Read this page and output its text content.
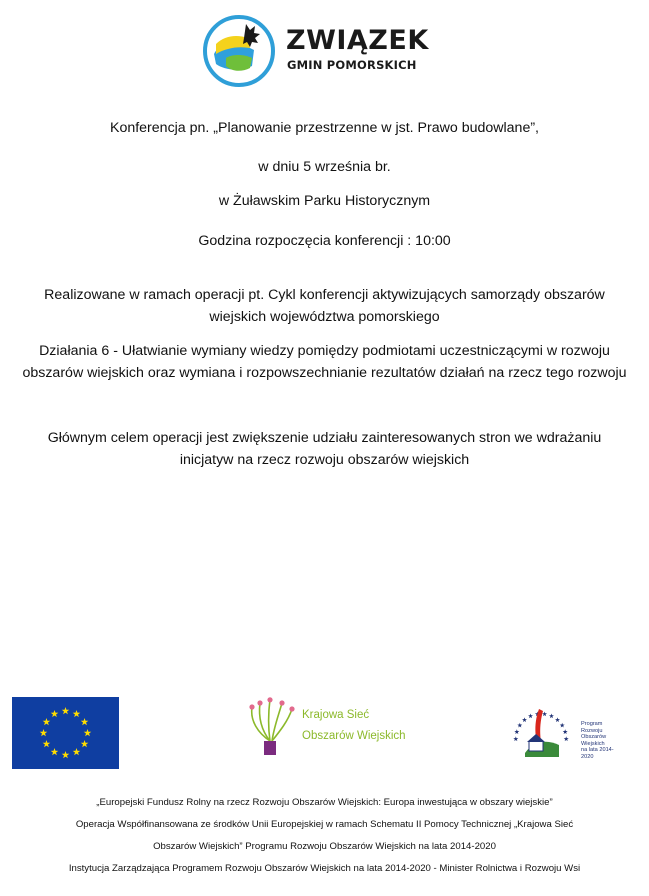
ZWIĄZEK
GMIN POMORSKICH
Konferencja pn. „Planowanie przestrzenne w jst. Prawo budowlane”,
w dniu 5 września br.
w Żuławskim Parku Historycznym
Godzina rozpoczęcia konferencji : 10:00
Realizowane w ramach operacji pt. Cykl konferencji aktywizujących samorządy obszarów
wiejskich województwa pomorskiego
Działania 6 - Ułatwianie wymiany wiedzy pomiędzy podmiotami uczestniczącymi w rozwoju
obszarów wiejskich oraz wymiana i rozpowszechnianie rezultatów działań na rzecz tego rozwoju
Głównym celem operacji jest zwiększenie udziału zainteresowanych stron we wdrażaniu
inicjatyw na rzecz rozwoju obszarów wiejskich
Krajowa Sieć
Obszarów Wiejskich
Program
Rozwoju
Obszarów
Wiejskich
na lata 2014-2020
„Europejski Fundusz Rolny na rzecz Rozwoju Obszarów Wiejskich: Europa inwestująca w obszary wiejskie”
Operacja Współfinansowana ze środków Unii Europejskiej w ramach Schematu II Pomocy Technicznej „Krajowa Sieć
Obszarów Wiejskich” Programu Rozwoju Obszarów Wiejskich na lata 2014-2020
Instytucja Zarządzająca Programem Rozwoju Obszarów Wiejskich na lata 2014-2020 - Minister Rolnictwa i Rozwoju Wsi
